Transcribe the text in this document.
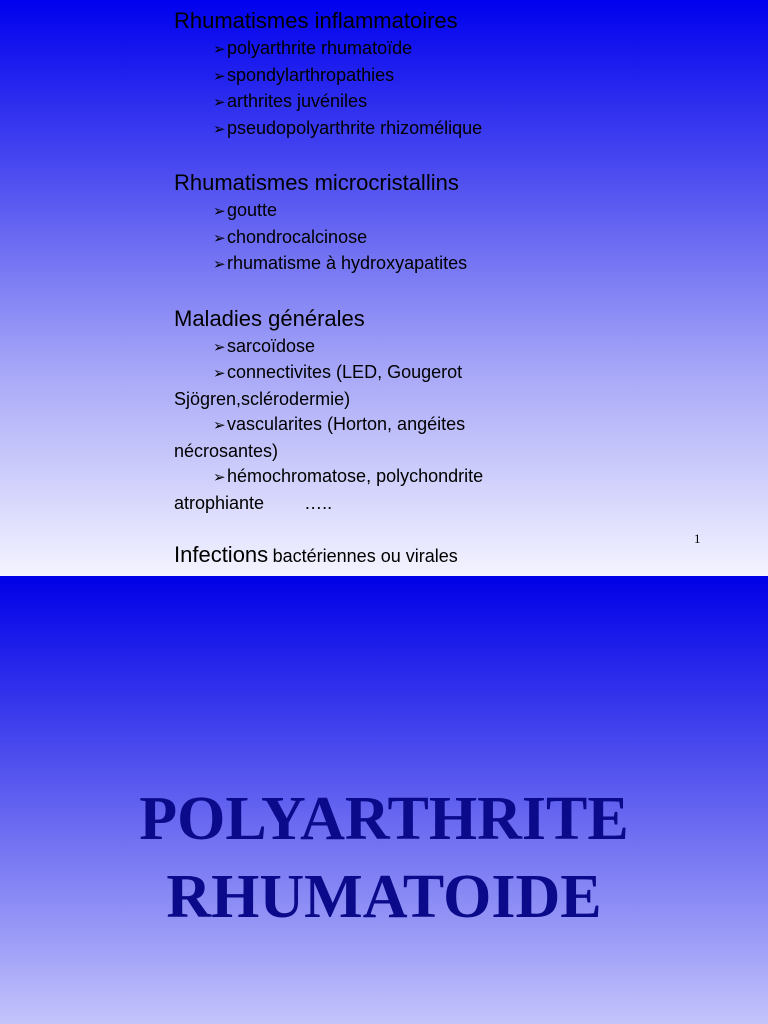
Rhumatismes inflammatoires

➢polyarthrite rhumatoïde
➢spondylarthropathies
➢arthrites juvéniles
➢pseudopolyarthrite rhizomélique

Rhumatismes microcristallins

➢goutte
➢chondrocalcinose
➢rhumatisme à hydroxyapatites

Maladies générales

➢sarcoïdose
➢connectivites (LED, Gougerot
Sjögren,sclérodermie)
➢vascularites (Horton, angéites
nécrosantes)
➢hémochromatose, polychondrite
atrophiante        …..

Infections bactériennes ou virales

1
POLYARTHRITE
RHUMATOIDE
